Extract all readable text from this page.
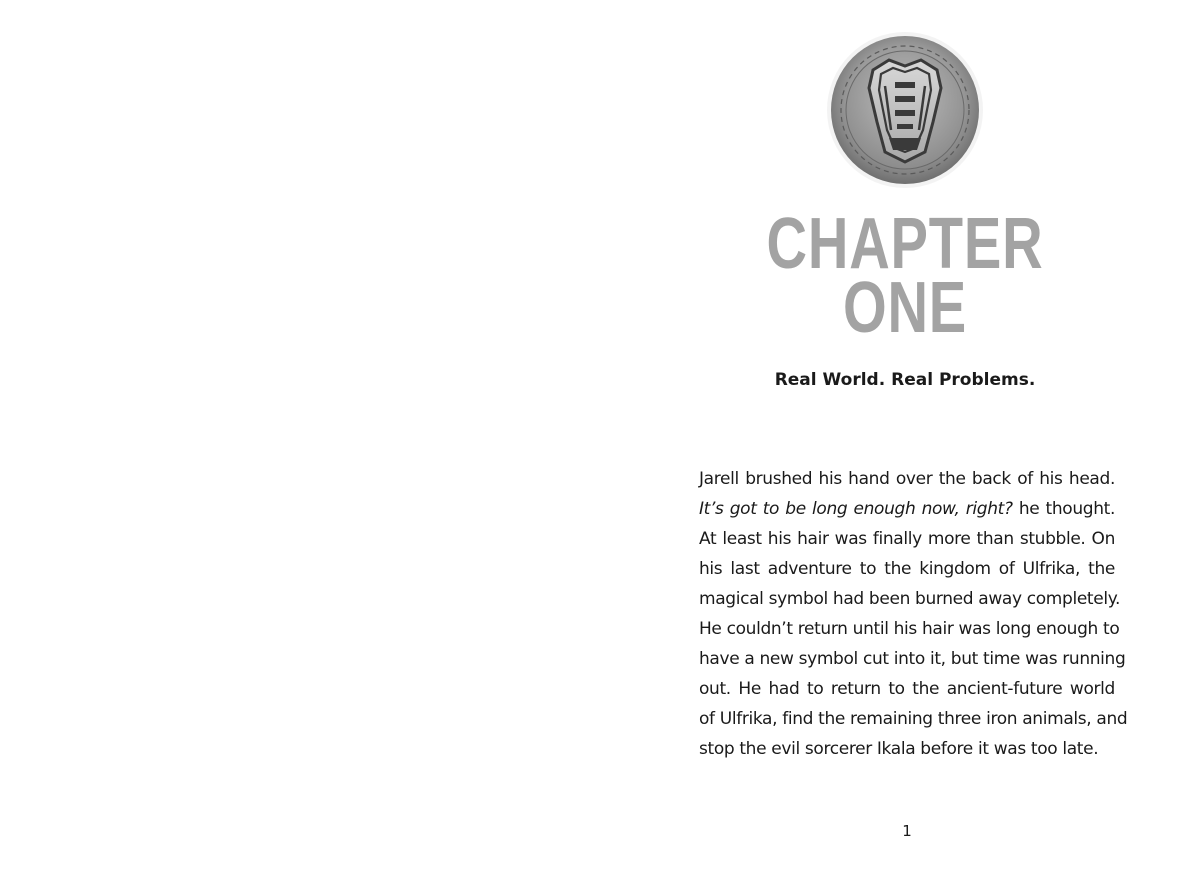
CHAPTER
ONE
Real World. Real Problems.
Jarell brushed his hand over the back of his head.
It’s got to be long enough now, right? he thought.
At least his hair was finally more than stubble. On
his last adventure to the kingdom of Ulfrika, the
magical symbol had been burned away completely.
He couldn’t return until his hair was long enough to
have a new symbol cut into it, but time was running
out. He had to return to the ancient-future world
of Ulfrika, find the remaining three iron animals, and
stop the evil sorcerer Ikala before it was too late.
1
